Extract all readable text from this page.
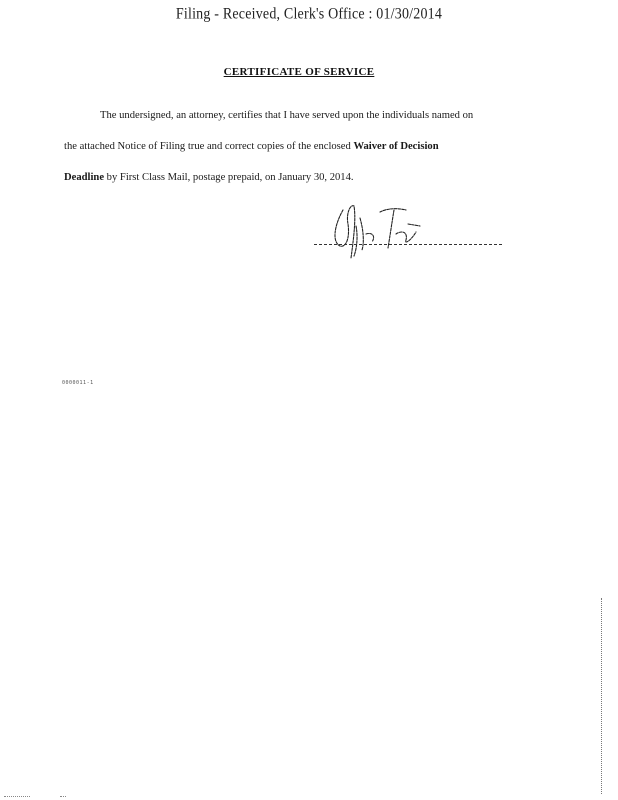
Filing - Received, Clerk's Office : 01/30/2014
CERTIFICATE OF SERVICE

The undersigned, an attorney, certifies that I have served upon the individuals named on

the attached Notice of Filing true and correct copies of the enclosed Waiver of Decision

Deadline by First Class Mail, postage prepaid, on January 30, 2014.

0000011-1
